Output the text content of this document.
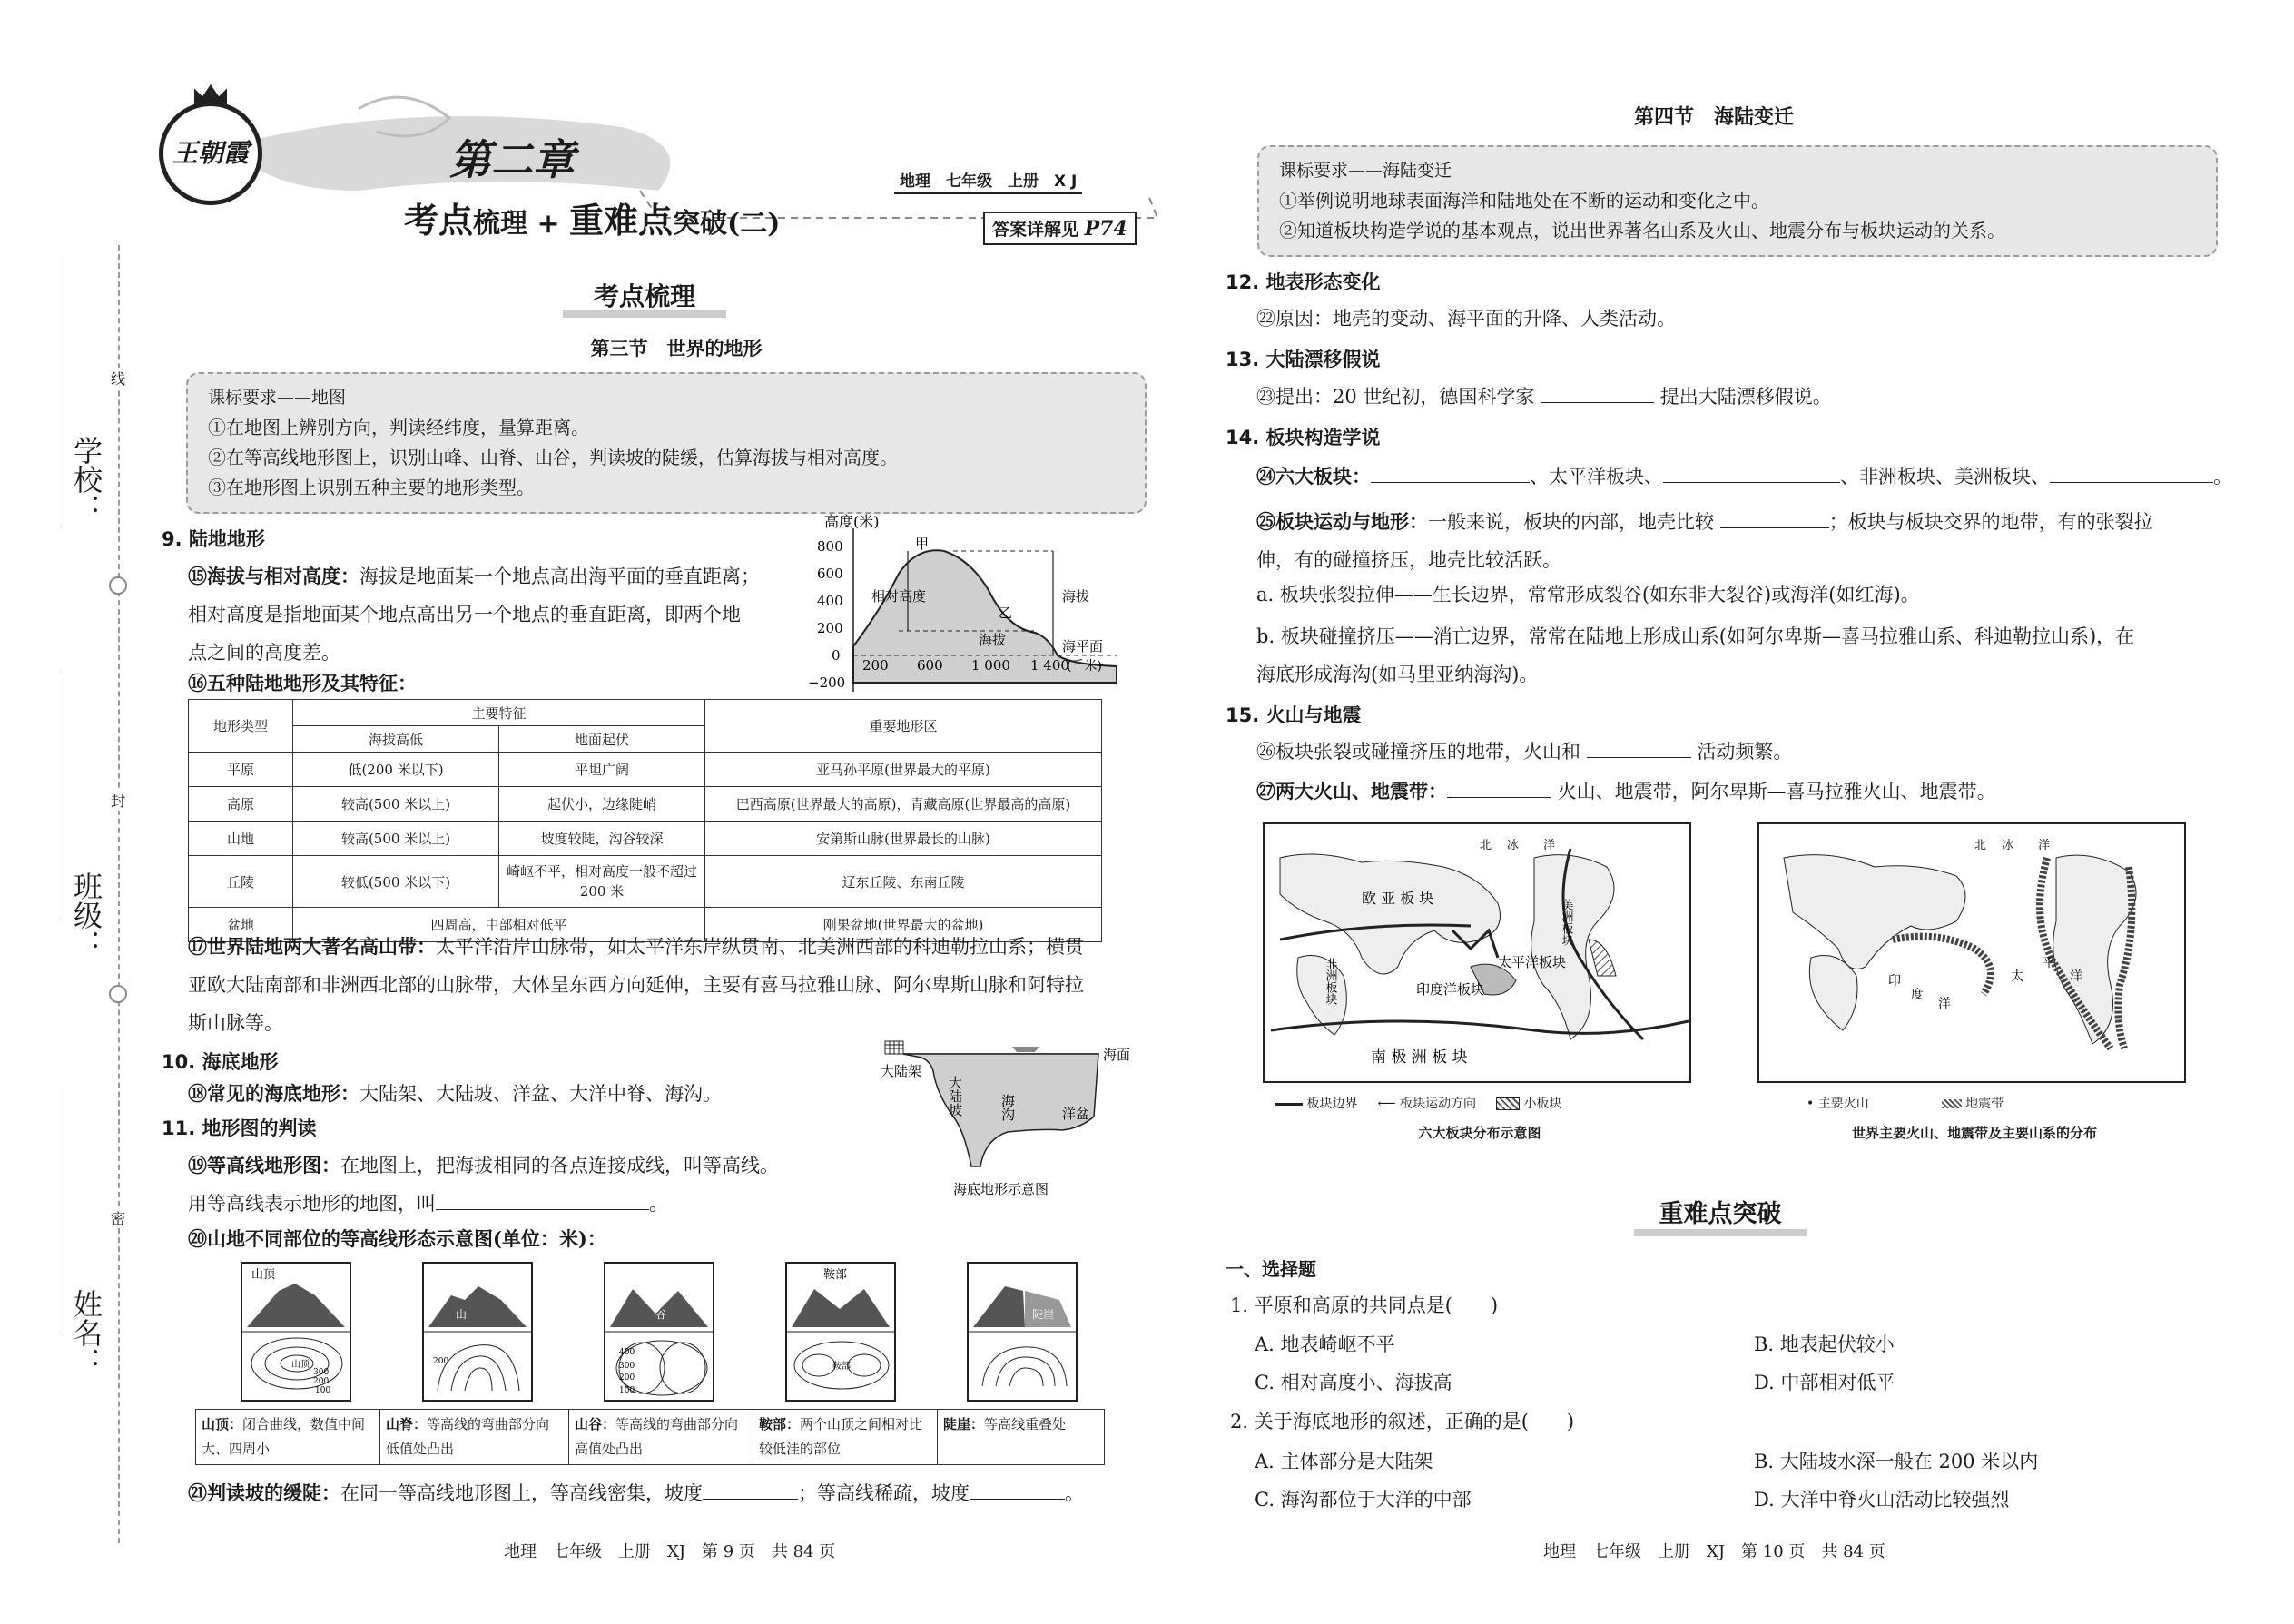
线
封
密
学校：
班级：
姓名：
王朝霞	第二章
考点梳理 + 重难点突破(二)
地理　七年级　上册　X J
答案详解见 P74
考点梳理
第三节　世界的地形
课标要求——地图
①在地图上辨别方向，判读经纬度，量算距离。
②在等高线地形图上，识别山峰、山脊、山谷，判读坡的陡缓，估算海拔与相对高度。
③在地形图上识别五种主要的地形类型。
9. 陆地地形
⑮海拔与相对高度：海拔是地面某一个地点高出海平面的垂直距离；
相对高度是指地面某个地点高出另一个地点的垂直距离，即两个地
点之间的高度差。
⑯五种陆地地形及其特征：
高度(米)
800
600
400
200
0
−200
甲
乙
相对高度
海拔
海拔
海平面
200 600 1 000 1 400
(千米)
地形类型	主要特征		重要地形区
	海拔高低	地面起伏	
平原	低(200 米以下)	平坦广阔	亚马孙平原(世界最大的平原)
高原	较高(500 米以上)	起伏小，边缘陡峭	巴西高原(世界最大的高原)，青藏高原(世界最高的高原)
山地	较高(500 米以上)	坡度较陡，沟谷较深	安第斯山脉(世界最长的山脉)
丘陵	较低(500 米以下)	崎岖不平，相对高度一般不超过 200 米	辽东丘陵、东南丘陵
盆地	四周高，中部相对低平		刚果盆地(世界最大的盆地)
⑰世界陆地两大著名高山带：太平洋沿岸山脉带，如太平洋东岸纵贯南、北美洲西部的科迪勒拉山系；横贯
亚欧大陆南部和非洲西北部的山脉带，大体呈东西方向延伸，主要有喜马拉雅山脉、阿尔卑斯山脉和阿特拉
斯山脉等。
10. 海底地形
⑱常见的海底地形：大陆架、大陆坡、洋盆、大洋中脊、海沟。
海面
大陆架
大陆坡	海沟	洋盆
海底地形示意图
11. 地形图的判读
⑲等高线地形图：在地图上，把海拔相同的各点连接成线，叫等高线。
用等高线表示地形的地图，叫	。
⑳山地不同部位的等高线形态示意图(单位：米)：
山顶
山顶
300
200
100
山
200
谷
400
300
200
100
鞍部
鞍部
陡崖
山顶：闭合曲线，数值中间大、四周小
山脊：等高线的弯曲部分向低值处凸出
山谷：等高线的弯曲部分向高值处凸出
鞍部：两个山顶之间相对比较低洼的部位
陡崖：等高线重叠处
㉑判读坡的缓陡：在同一等高线地形图上，等高线密集，坡度	；等高线稀疏，坡度	。
地理　七年级　上册　XJ　第 9 页　共 84 页
第四节　海陆变迁
课标要求——海陆变迁
①举例说明地球表面海洋和陆地处在不断的运动和变化之中。
②知道板块构造学说的基本观点，说出世界著名山系及火山、地震分布与板块运动的关系。
12. 地表形态变化
㉒原因：地壳的变动、海平面的升降、人类活动。
13. 大陆漂移假说
㉓提出：20 世纪初，德国科学家	提出大陆漂移假说。
14. 板块构造学说
㉔六大板块：	、太平洋板块、	、非洲板块、美洲板块、	。
㉕板块运动与地形：一般来说，板块的内部，地壳比较	；板块与板块交界的地带，有的张裂拉
伸，有的碰撞挤压，地壳比较活跃。
a. 板块张裂拉伸——生长边界，常常形成裂谷(如东非大裂谷)或海洋(如红海)。
b. 板块碰撞挤压——消亡边界，常常在陆地上形成山系(如阿尔卑斯—喜马拉雅山系、科迪勒拉山系)，在
海底形成海沟(如马里亚纳海沟)。
15. 火山与地震
㉖板块张裂或碰撞挤压的地带，火山和	活动频繁。
㉗两大火山、地震带：	火山、地震带，阿尔卑斯—喜马拉雅火山、地震带。
北 冰 洋
欧 亚 板 块
美洲板块
非洲板块	太平洋板块
印度洋板块
南 极 洲 板 块
板块边界 ⟵ 板块运动方向	小板块
六大板块分布示意图
北 冰 洋
太
平
洋
印
度
洋
• 主要火山	地震带
世界主要火山、地震带及主要山系的分布
重难点突破
一、选择题
1. 平原和高原的共同点是(　　)
A. 地表崎岖不平	B. 地表起伏较小
C. 相对高度小、海拔高	D. 中部相对低平
2. 关于海底地形的叙述，正确的是(　　)
A. 主体部分是大陆架	B. 大陆坡水深一般在 200 米以内
C. 海沟都位于大洋的中部	D. 大洋中脊火山活动比较强烈
地理　七年级　上册　XJ　第 10 页　共 84 页
